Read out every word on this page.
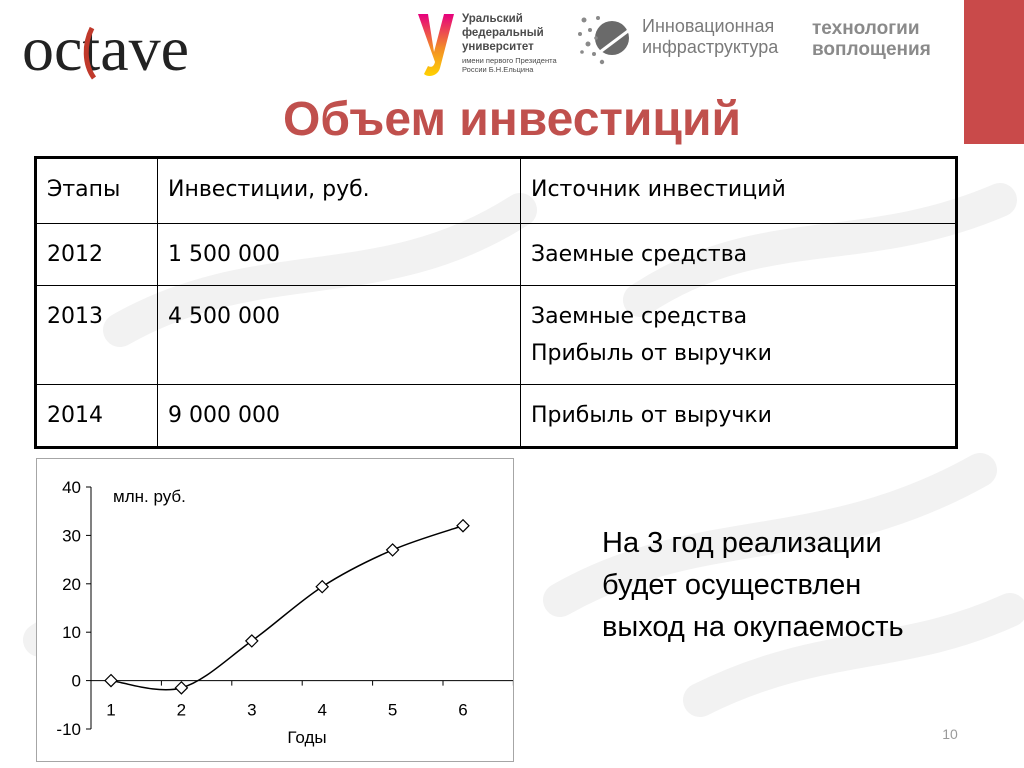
octave	Уральский
федеральный
университет
имени первого Президента России Б.Н.Ельцина
Инновационная
инфраструктура
технологии
воплощения
Объем инвестиций
Этапы	Инвестиции, руб.	Источник инвестиций
2012	1 500 000	Заемные средства

2013	4 500 000	Заемные средства
Прибыль от выручки

2014	9 000 000	Прибыль от выручки
-10
0
10
20
30
40
1	2	3	4	5	6
млн. руб.
Годы
На 3 год реализации
будет осуществлен
выход на окупаемость
10
